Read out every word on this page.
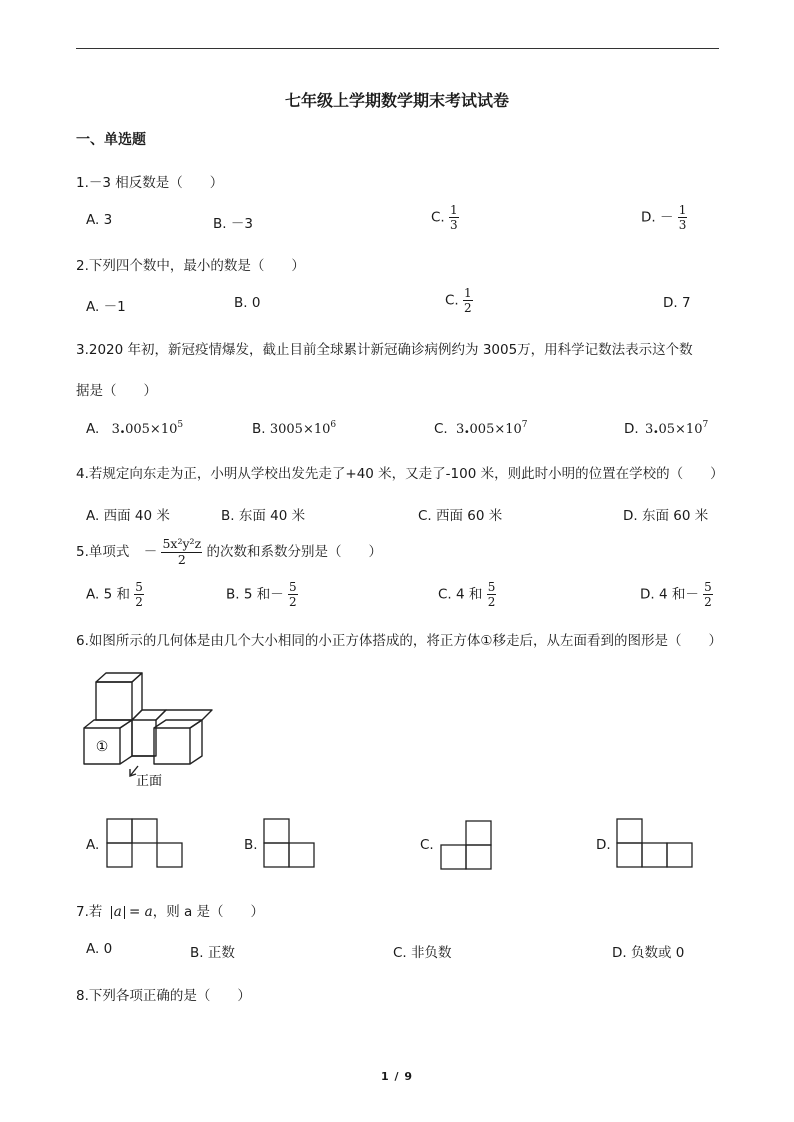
七年级上学期数学期末考试试卷
一、单选题
1.－3 相反数是（　　）
A. 3	B. －3	C. $\frac{1}{3}$	D. － $\frac{1}{3}$
2.下列四个数中，最小的数是（　　）
A. －1	B. 0	C. $\frac{1}{2}$	D. 7
3.2020 年初，新冠疫情爆发，截止目前全球累计新冠确诊病例约为 3005万，用科学记数法表示这个数
据是（　　）
A. $3.005\times 10^5$	B. $3005\times 10^6$	C. $3.005\times 10^7$	D. $3.05\times 10^7$
4.若规定向东走为正，小明从学校出发先走了+40 米，又走了-100 米，则此时小明的位置在学校的（　　）
A. 西面 40 米	B. 东面 40 米	C. 西面 60 米	D. 东面 60 米
5.单项式 － $\frac{\text{5x²y²z}}{2}$ 的次数和系数分别是（　　）
A. 5 和 $\frac{5}{2}$	B. 5 和－ $\frac{5}{2}$	C. 4 和 $\frac{5}{2}$	D. 4 和－ $\frac{5}{2}$
6.如图所示的几何体是由几个大小相同的小正方体搭成的，将正方体①移走后，从左面看到的图形是（　　）
①
正面
A.	B.	C.	D.
7.若 a = a，则 a 是（　　）
A. 0	B. 正数	C. 非负数	D. 负数或 0
8.下列各项正确的是（　　）
1 / 9
